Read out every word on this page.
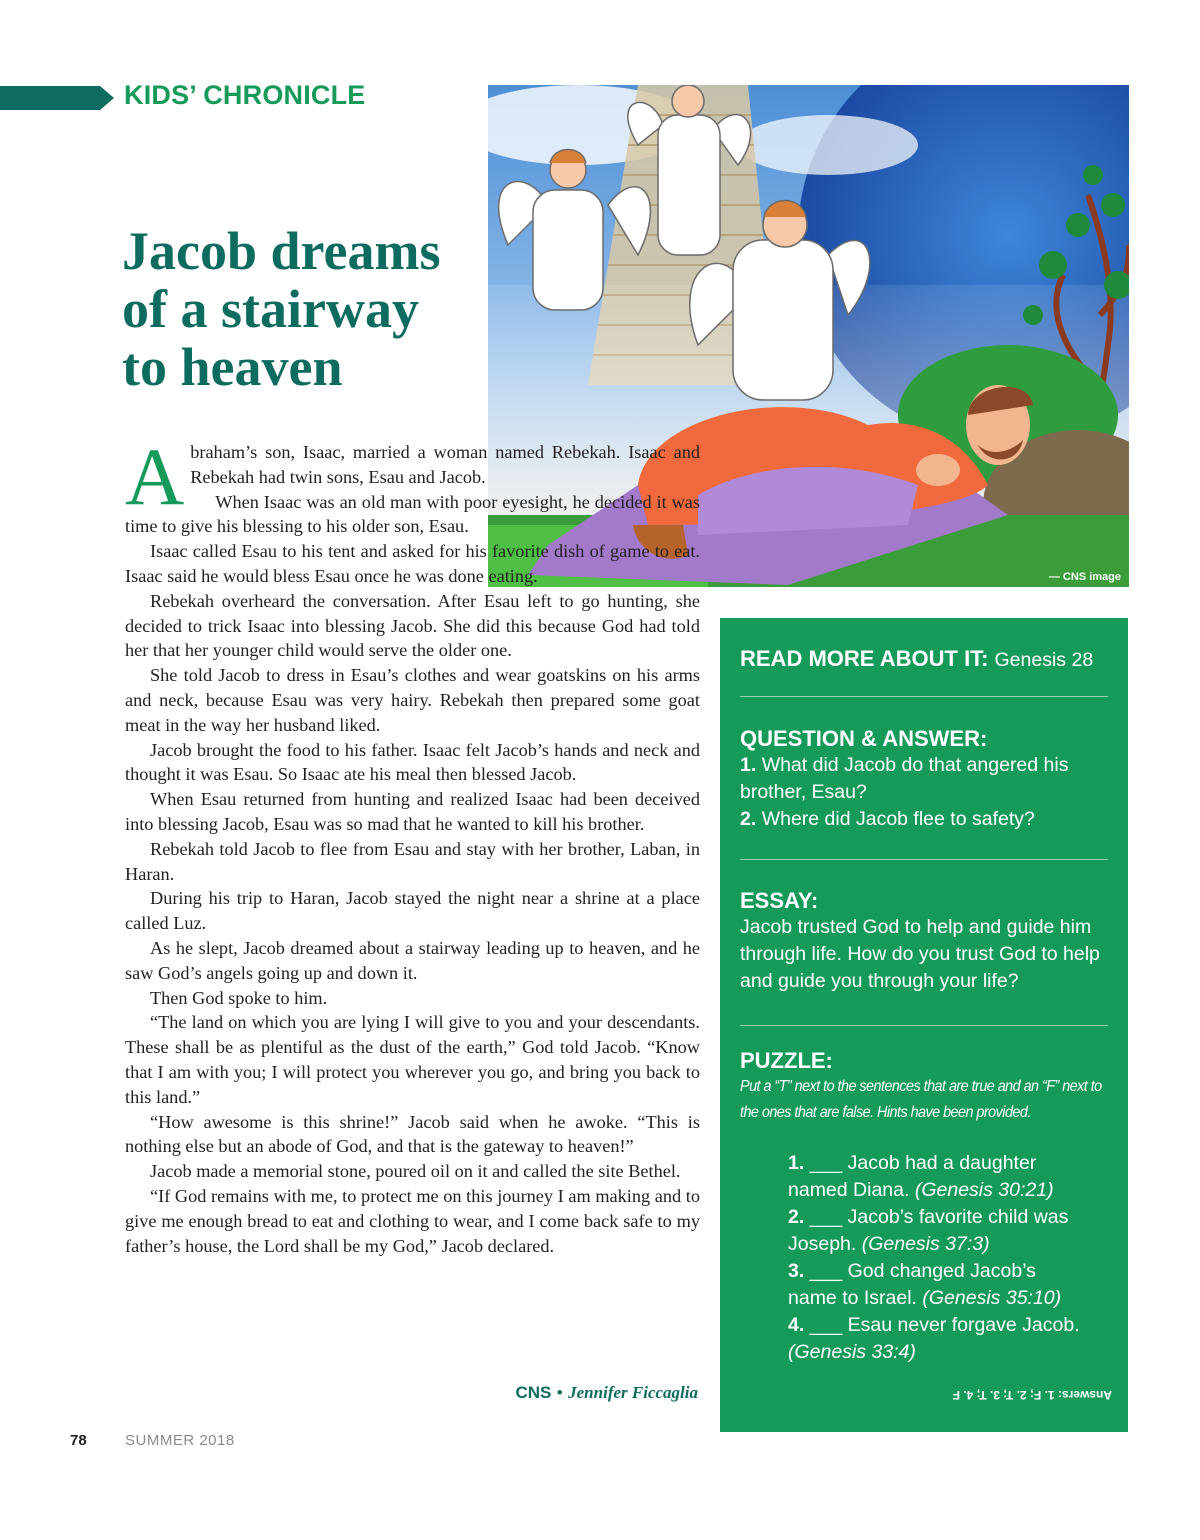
KIDS’ CHRONICLE
Jacob dreams
of a stairway
to heaven
— CNS image

Abraham’s son, Isaac, married a woman named Rebekah. Isaac and Rebekah had twin sons, Esau and Jacob.

When Isaac was an old man with poor eyesight, he decided it was time to give his blessing to his older son, Esau.

Isaac called Esau to his tent and asked for his favorite dish of game to eat. Isaac said he would bless Esau once he was done eating.

Rebekah overheard the conversation. After Esau left to go hunting, she decided to trick Isaac into blessing Jacob. She did this because God had told her that her younger child would serve the older one.

She told Jacob to dress in Esau’s clothes and wear goatskins on his arms and neck, because Esau was very hairy. Rebekah then prepared some goat meat in the way her husband liked.

Jacob brought the food to his father. Isaac felt Jacob’s hands and neck and thought it was Esau. So Isaac ate his meal then blessed Jacob.

When Esau returned from hunting and realized Isaac had been deceived into blessing Jacob, Esau was so mad that he wanted to kill his brother.

Rebekah told Jacob to flee from Esau and stay with her brother, Laban, in Haran.

During his trip to Haran, Jacob stayed the night near a shrine at a place called Luz.

As he slept, Jacob dreamed about a stairway leading up to heaven, and he saw God’s angels going up and down it.

Then God spoke to him.

“The land on which you are lying I will give to you and your descendants. These shall be as plentiful as the dust of the earth,” God told Jacob. “Know that I am with you; I will protect you wherever you go, and bring you back to this land.”

“How awesome is this shrine!” Jacob said when he awoke. “This is nothing else but an abode of God, and that is the gateway to heaven!”

Jacob made a memorial stone, poured oil on it and called the site Bethel.

“If God remains with me, to protect me on this journey I am making and to give me enough bread to eat and clothing to wear, and I come back safe to my father’s house, the Lord shall be my God,” Jacob declared.

CNS • Jennifer Ficcaglia
READ MORE ABOUT IT: Genesis 28
QUESTION & ANSWER:
1. What did Jacob do that angered his brother, Esau?
2. Where did Jacob flee to safety?
ESSAY:
Jacob trusted God to help and guide him through life. How do you trust God to help and guide you through your life?
PUZZLE:
Put a “T” next to the sentences that are true and an “F” next to the ones that are false. Hints have been provided.
1. ___ Jacob had a daughter named Diana. (Genesis 30:21)
2. ___ Jacob’s favorite child was Joseph. (Genesis 37:3)
3. ___ God changed Jacob’s name to Israel. (Genesis 35:10)
4. ___ Esau never forgave Jacob. (Genesis 33:4)
Answers: 1. F; 2. T; 3. T; 4. F
78	SUMMER 2018
